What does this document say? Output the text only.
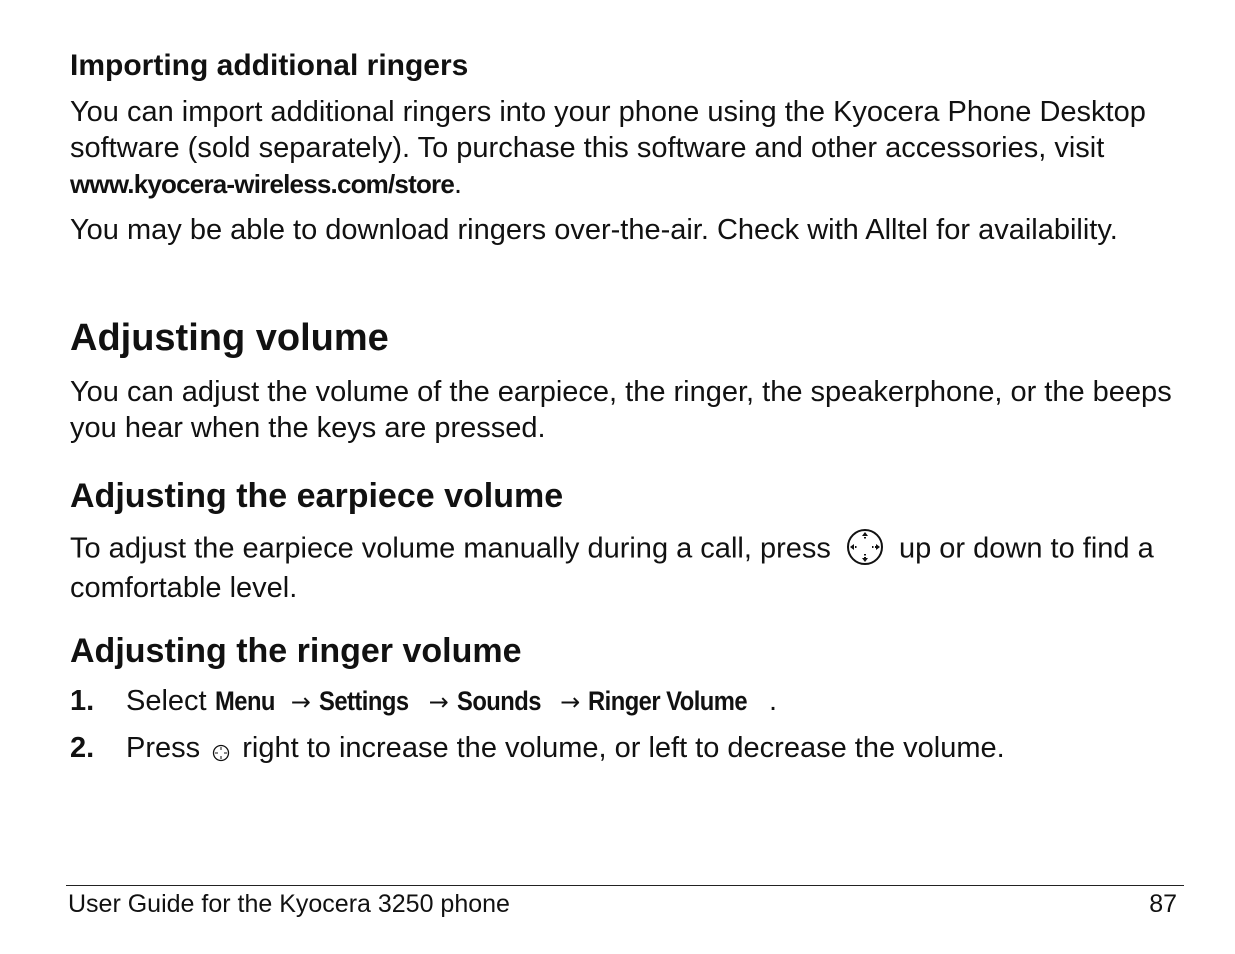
Importing additional ringers
You can import additional ringers into your phone using the Kyocera Phone Desktop software (sold separately). To purchase this software and other accessories, visit www.kyocera-wireless.com/store.
You may be able to download ringers over-the-air. Check with Alltel for availability.
Adjusting volume
You can adjust the volume of the earpiece, the ringer, the speakerphone, or the beeps you hear when the keys are pressed.
Adjusting the earpiece volume
To adjust the earpiece volume manually during a call, press  up or down to find a comfortable level.
Adjusting the ringer volume
1. Select Menu → Settings → Sounds → Ringer Volume .
2. Press  right to increase the volume, or left to decrease the volume.
User Guide for the Kyocera 3250 phone	87
